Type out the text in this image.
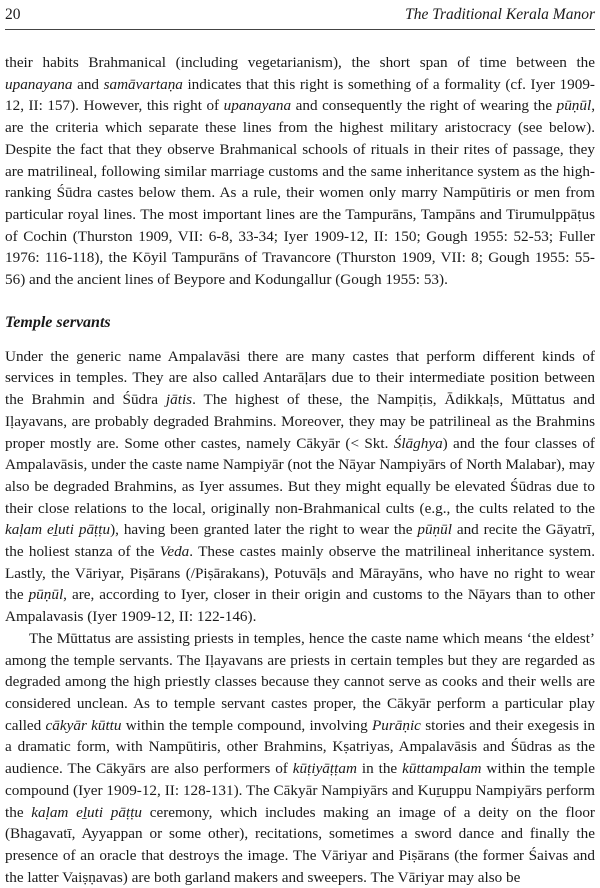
20	The Traditional Kerala Manor

their habits Brahmanical (including vegetarianism), the short span of time between the upanayana and samāvartaṇa indicates that this right is something of a formality (cf. Iyer 1909-12, II: 157). However, this right of upanayana and consequently the right of wearing the pūṇūl, are the criteria which separate these lines from the highest military aristocracy (see below). Despite the fact that they observe Brahmanical schools of rituals in their rites of passage, they are matrilineal, following similar marriage customs and the same inheritance system as the high-ranking Śūdra castes below them. As a rule, their women only marry Nampūtiris or men from particular royal lines. The most important lines are the Tampurāns, Tampāns and Tirumulppāṭus of Cochin (Thurston 1909, VII: 6-8, 33-34; Iyer 1909-12, II: 150; Gough 1955: 52-53; Fuller 1976: 116-118), the Kōyil Tampurāns of Travancore (Thurston 1909, VII: 8; Gough 1955: 55-56) and the ancient lines of Beypore and Kodungallur (Gough 1955: 53).

Temple servants

Under the generic name Ampalavāsi there are many castes that perform different kinds of services in temples. They are also called Antarāḷars due to their intermediate position between the Brahmin and Śūdra jātis. The highest of these, the Nampiṭis, Ādikkaḷs, Mūttatus and Iḷayavans, are probably degraded Brahmins. Moreover, they may be patrilineal as the Brahmins proper mostly are. Some other castes, namely Cākyār (< Skt. Ślāghya) and the four classes of Ampalavāsis, under the caste name Nampiyār (not the Nāyar Nampiyārs of North Malabar), may also be degraded Brahmins, as Iyer assumes. But they might equally be elevated Śūdras due to their close relations to the local, originally non-Brahmanical cults (e.g., the cults related to the kaḷam eḻuti pāṭṭu), having been granted later the right to wear the pūṇūl and recite the Gāyatrī, the holiest stanza of the Veda. These castes mainly observe the matrilineal inheritance system. Lastly, the Vāriyar, Piṣārans (/Piṣārakans), Potuvāḷs and Mārayāns, who have no right to wear the pūṇūl, are, according to Iyer, closer in their origin and customs to the Nāyars than to other Ampalavasis (Iyer 1909-12, II: 122-146).

The Mūttatus are assisting priests in temples, hence the caste name which means ‘the eldest’ among the temple servants. The Iḷayavans are priests in certain temples but they are regarded as degraded among the high priestly classes because they cannot serve as cooks and their wells are considered unclean. As to temple servant castes proper, the Cākyār perform a particular play called cākyār kūttu within the temple compound, involving Purāṇic stories and their exegesis in a dramatic form, with Nampūtiris, other Brahmins, Kṣatriyas, Ampalavāsis and Śūdras as the audience. The Cākyārs are also performers of kūṭiyāṭṭam in the kūttampalam within the temple compound (Iyer 1909-12, II: 128-131). The Cākyār Nampiyārs and Kuṟuppu Nampiyārs perform the kaḷam eḻuti pāṭṭu ceremony, which includes making an image of a deity on the floor (Bhagavatī, Ayyappan or some other), recitations, sometimes a sword dance and finally the presence of an oracle that destroys the image. The Vāriyar and Piṣārans (the former Śaivas and the latter Vaiṣṇavas) are both garland makers and sweepers. The Vāriyar may also be
